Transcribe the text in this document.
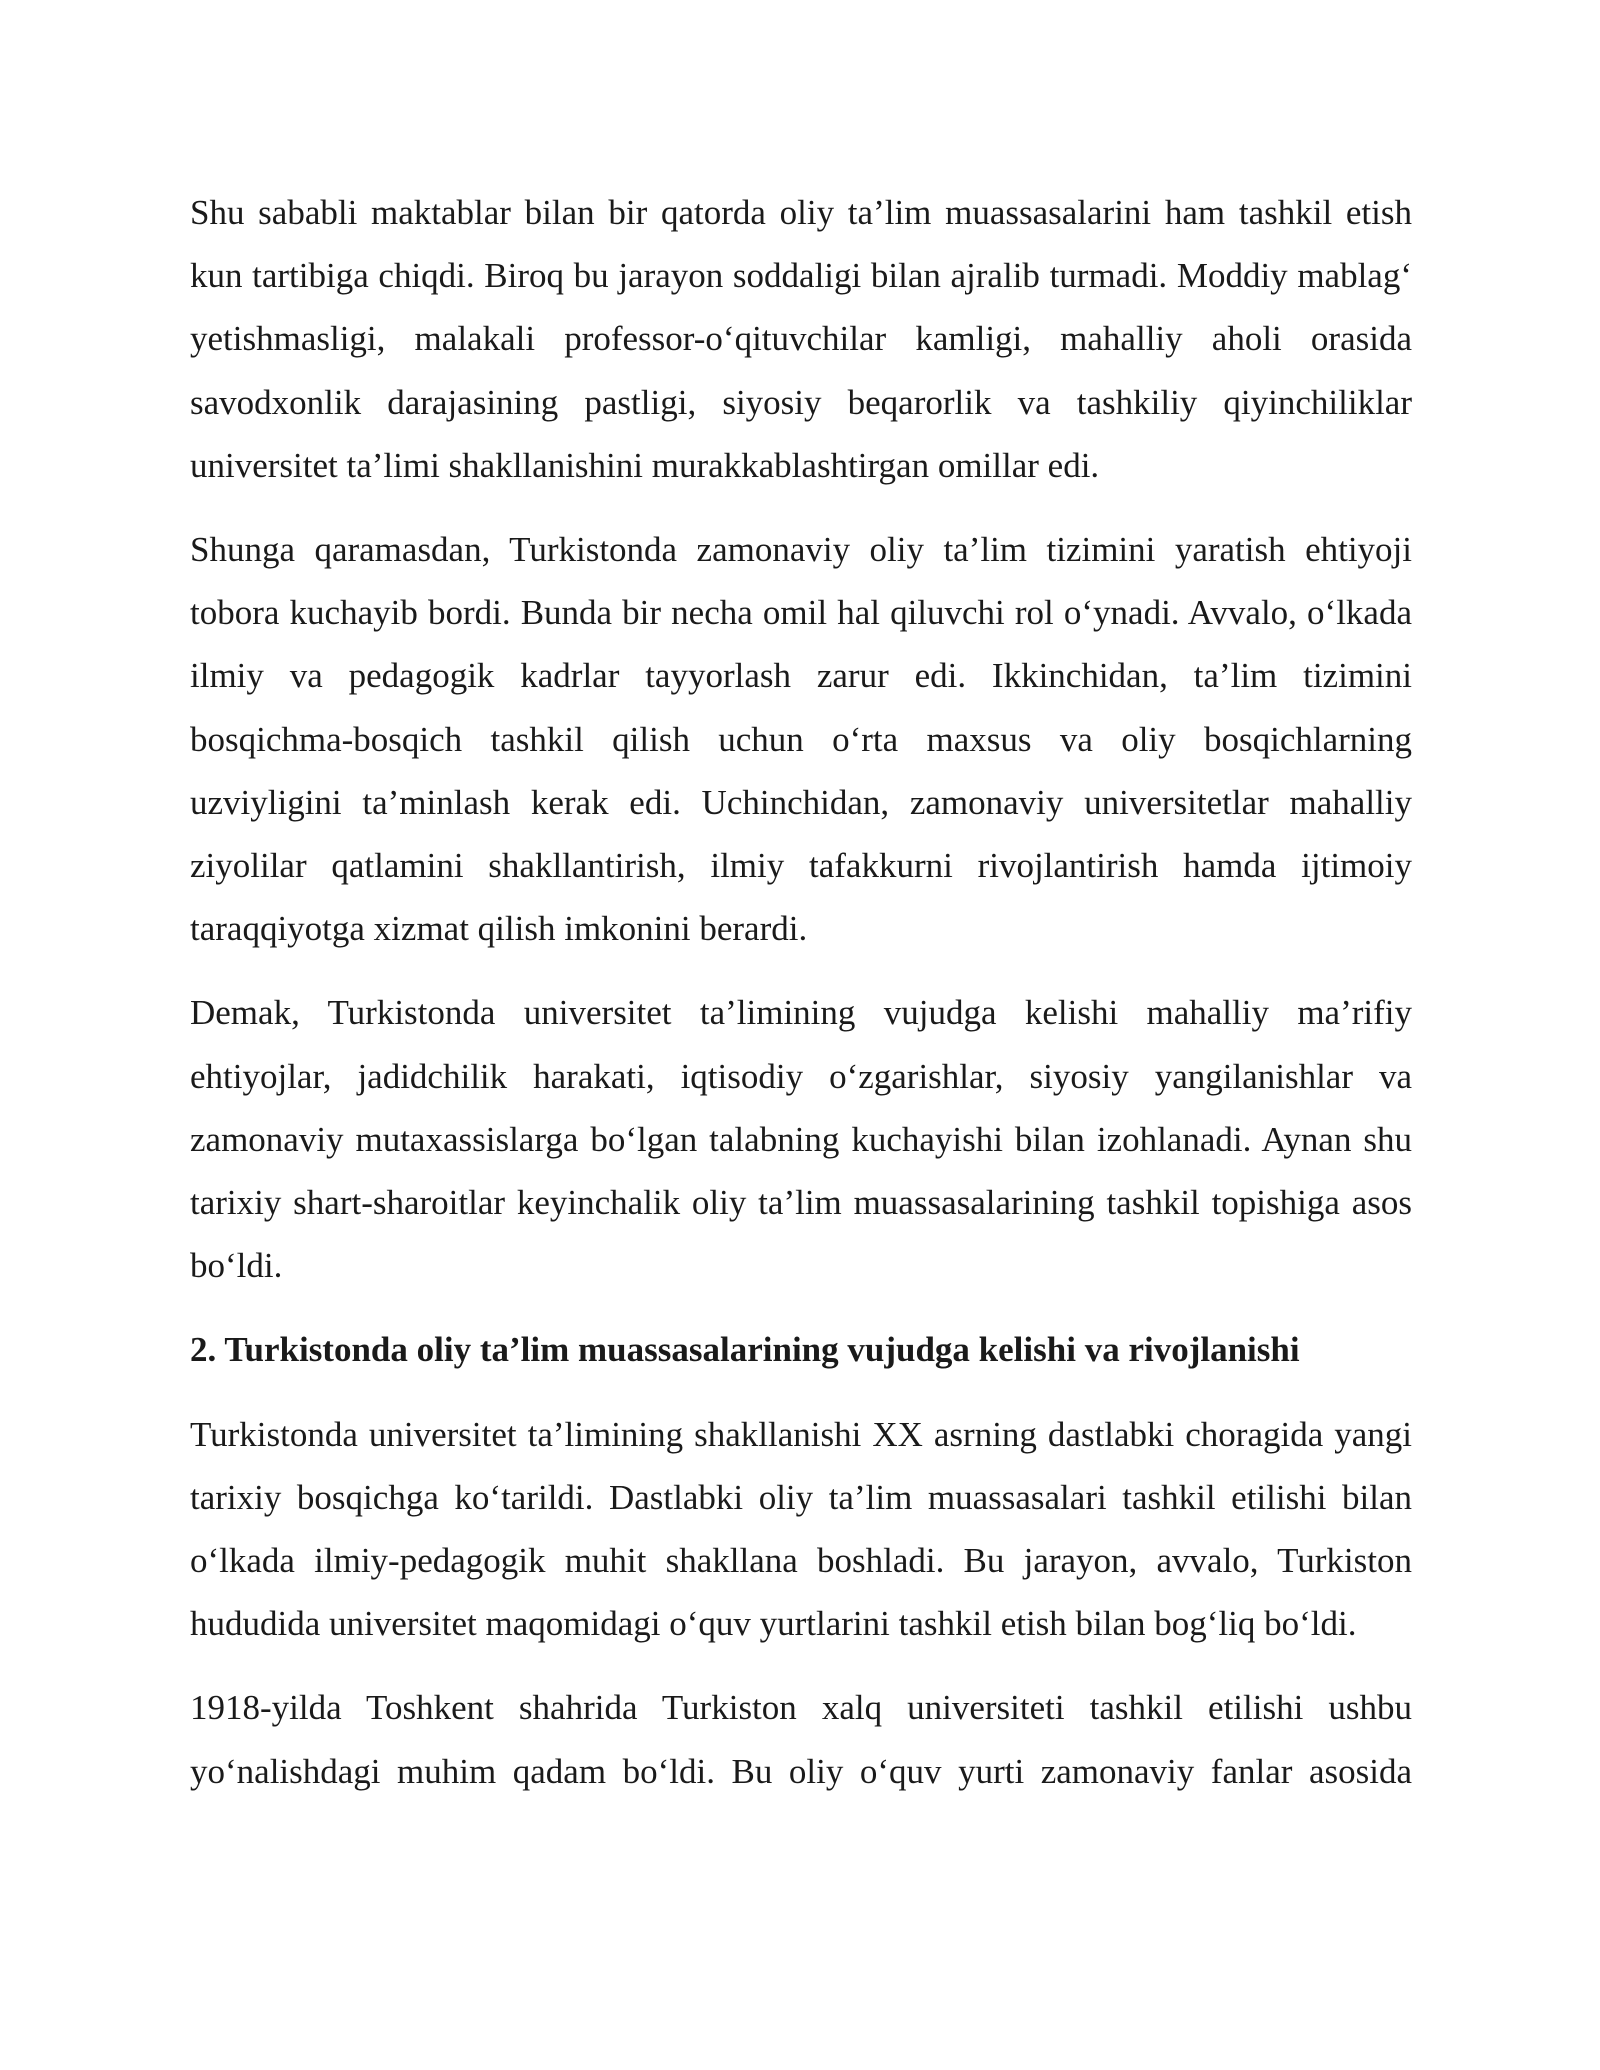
Shu sababli maktablar bilan bir qatorda oliy ta’lim muassasalarini ham tashkil etish kun tartibiga chiqdi. Biroq bu jarayon soddaligi bilan ajralib turmadi. Moddiy mablag‘ yetishmasligi, malakali professor-o‘qituvchilar kamligi, mahalliy aholi orasida savodxonlik darajasining pastligi, siyosiy beqarorlik va tashkiliy qiyinchiliklar universitet ta’limi shakllanishini murakkablashtirgan omillar edi.

Shunga qaramasdan, Turkistonda zamonaviy oliy ta’lim tizimini yaratish ehtiyoji tobora kuchayib bordi. Bunda bir necha omil hal qiluvchi rol o‘ynadi. Avvalo, o‘lkada ilmiy va pedagogik kadrlar tayyorlash zarur edi. Ikkinchidan, ta’lim tizimini bosqichma-bosqich tashkil qilish uchun o‘rta maxsus va oliy bosqichlarning uzviyligini ta’minlash kerak edi. Uchinchidan, zamonaviy universitetlar mahalliy ziyolilar qatlamini shakllantirish, ilmiy tafakkurni rivojlantirish hamda ijtimoiy taraqqiyotga xizmat qilish imkonini berardi.

Demak, Turkistonda universitet ta’limining vujudga kelishi mahalliy ma’rifiy ehtiyojlar, jadidchilik harakati, iqtisodiy o‘zgarishlar, siyosiy yangilanishlar va zamonaviy mutaxassislarga bo‘lgan talabning kuchayishi bilan izohlanadi. Aynan shu tarixiy shart-sharoitlar keyinchalik oliy ta’lim muassasalarining tashkil topishiga asos bo‘ldi.

2. Turkistonda oliy ta’lim muassasalarining vujudga kelishi va rivojlanishi

Turkistonda universitet ta’limining shakllanishi XX asrning dastlabki choragida yangi tarixiy bosqichga ko‘tarildi. Dastlabki oliy ta’lim muassasalari tashkil etilishi bilan o‘lkada ilmiy-pedagogik muhit shakllana boshladi. Bu jarayon, avvalo, Turkiston hududida universitet maqomidagi o‘quv yurtlarini tashkil etish bilan bog‘liq bo‘ldi.

1918-yilda Toshkent shahrida Turkiston xalq universiteti tashkil etilishi ushbu yo‘nalishdagi muhim qadam bo‘ldi. Bu oliy o‘quv yurti zamonaviy fanlar asosida
